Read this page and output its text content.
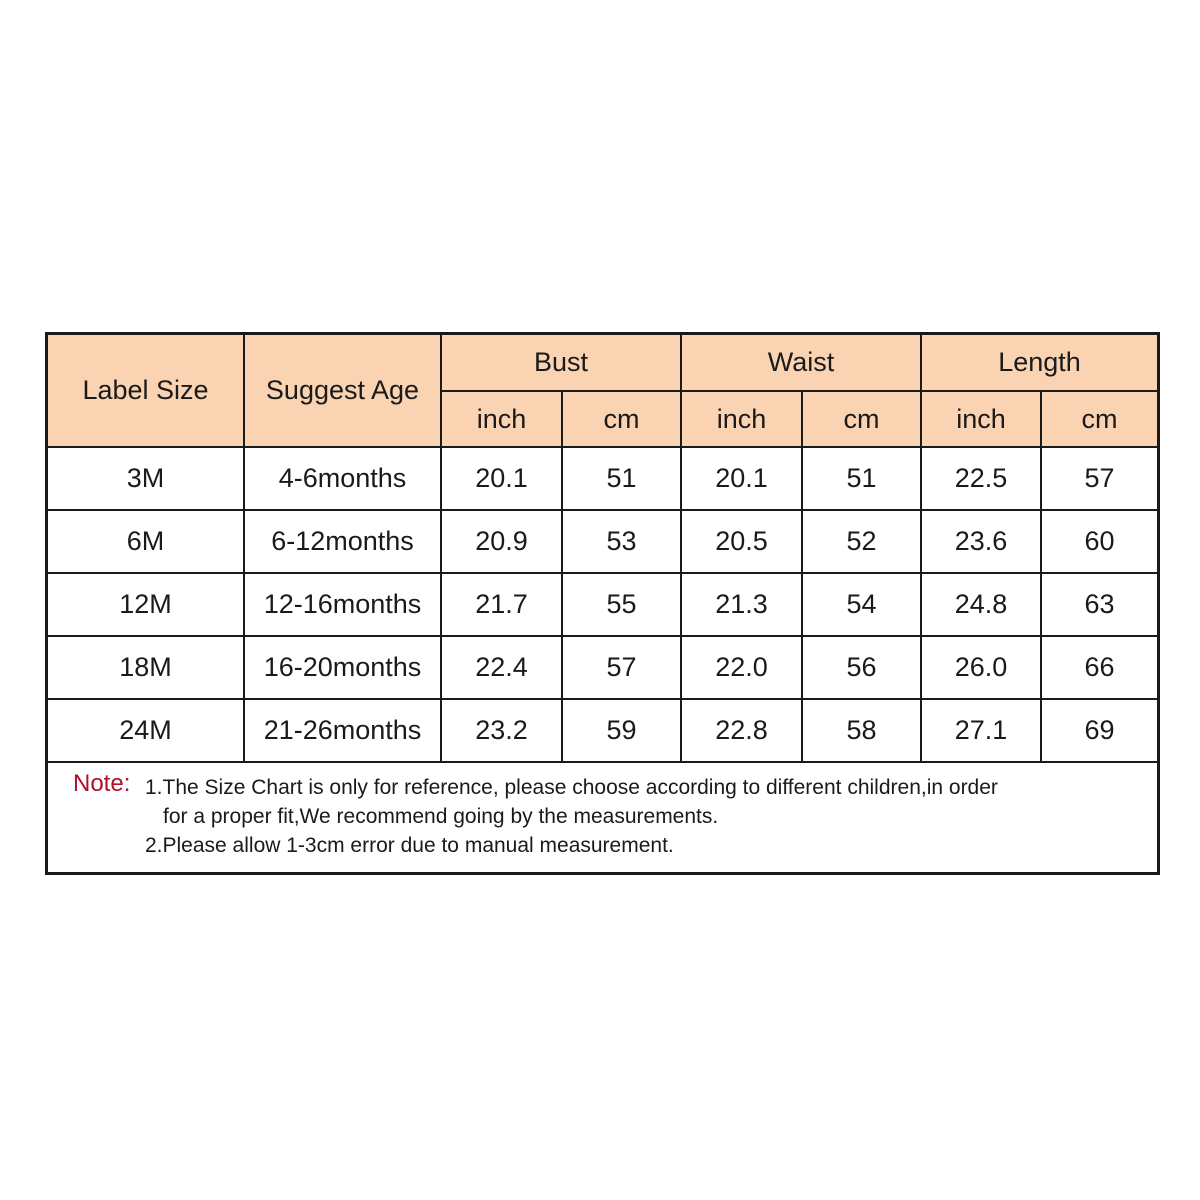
Label Size	Suggest Age	Bust		Waist		Length	
		inch	cm	inch	cm	inch	cm
3M	4-6months	20.1	51	20.1	51	22.5	57
6M	6-12months	20.9	53	20.5	52	23.6	60
12M	12-16months	21.7	55	21.3	54	24.8	63
18M	16-20months	22.4	57	22.0	56	26.0	66
24M	21-26months	23.2	59	22.8	58	27.1	69
Note: 1.The Size Chart is only for reference, please choose according to different children,in order
for a proper fit,We recommend going by the measurements.
2.Please allow 1-3cm error due to manual measurement.
